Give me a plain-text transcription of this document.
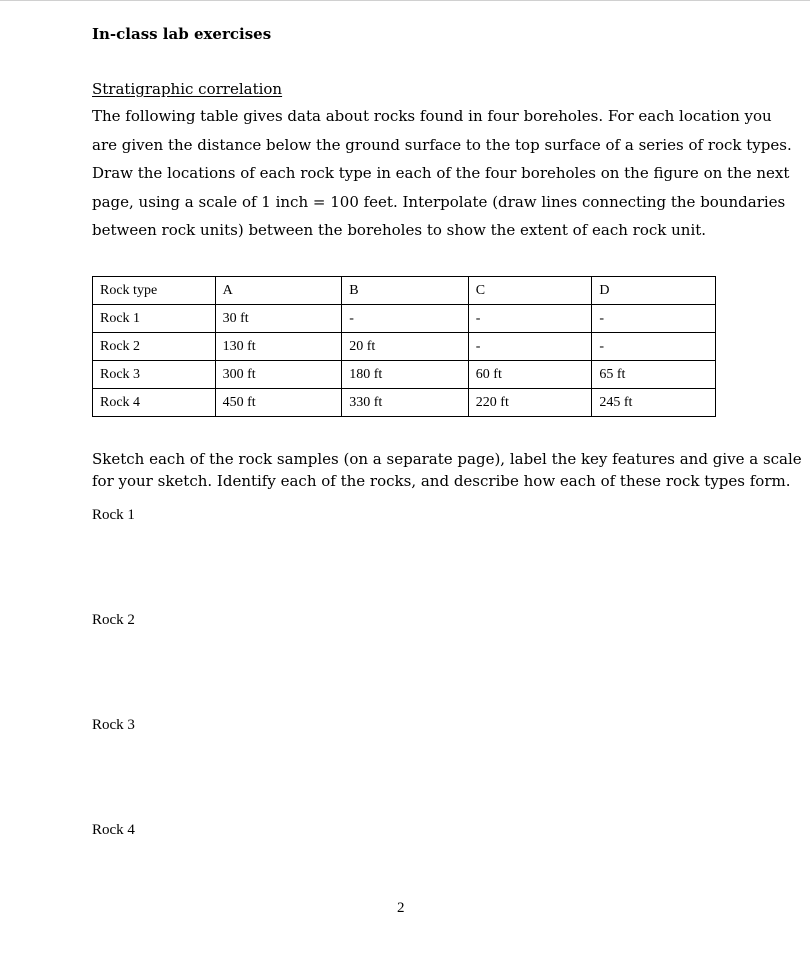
In-class lab exercises
Stratigraphic correlation
The following table gives data about rocks found in four boreholes. For each location you
are given the distance below the ground surface to the top surface of a series of rock types.
Draw the locations of each rock type in each of the four boreholes on the figure on the next
page, using a scale of 1 inch = 100 feet. Interpolate (draw lines connecting the boundaries
between rock units) between the boreholes to show the extent of each rock unit.
Rock type	A	B	C	D
Rock 1	30 ft	-	-	-
Rock 2	130 ft	20 ft	-	-
Rock 3	300 ft	180 ft	60 ft	65 ft
Rock 4	450 ft	330 ft	220 ft	245 ft
Sketch each of the rock samples (on a separate page), label the key features and give a scale
for your sketch. Identify each of the rocks, and describe how each of these rock types form.
Rock 1
Rock 2
Rock 3
Rock 4
2
